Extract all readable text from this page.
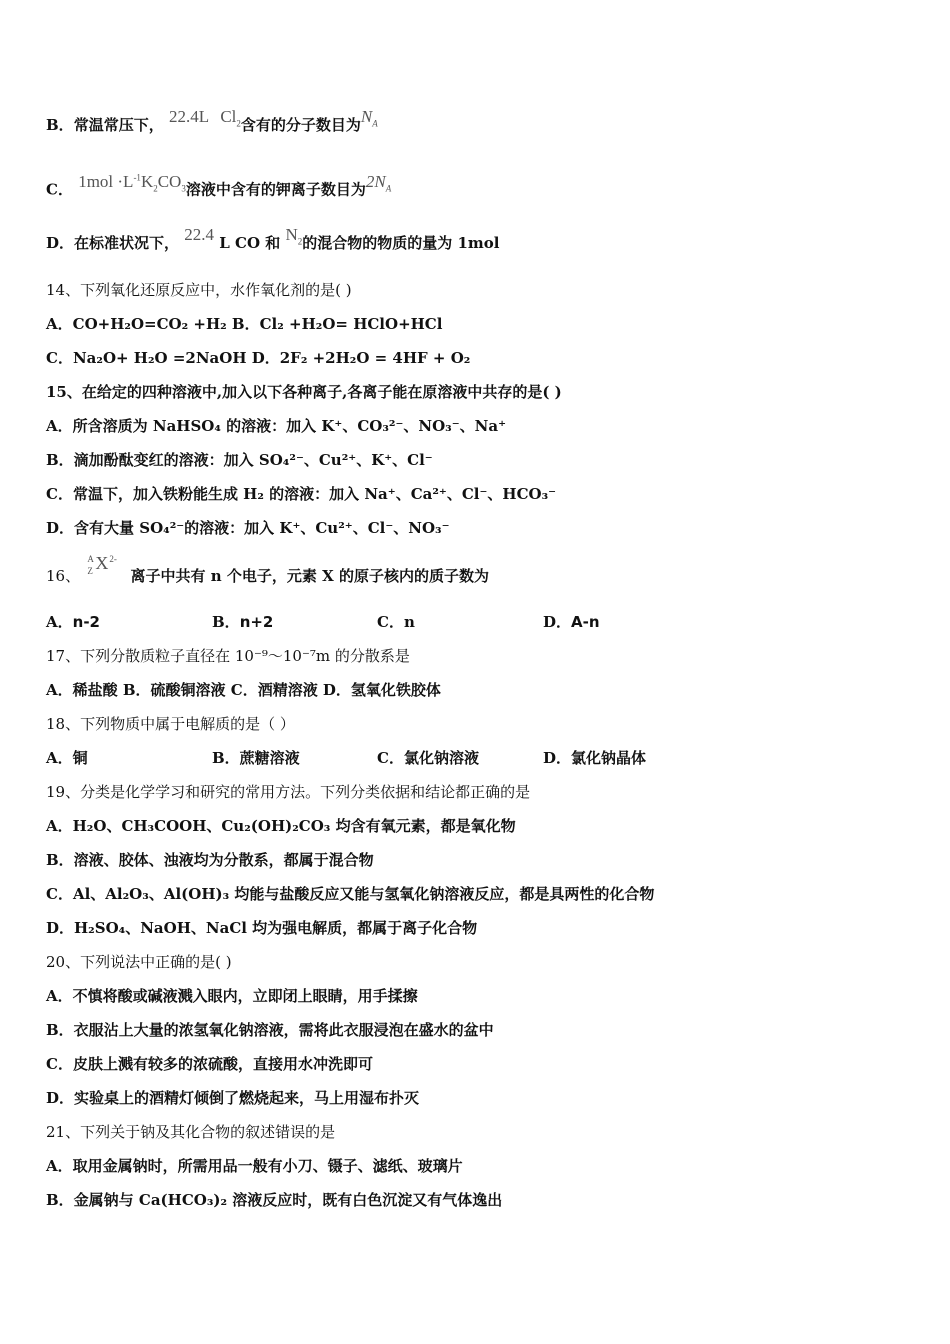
B．常温常压下， 22.4L $Cl_2$含有的分子数目为$N_A$
C． $1mol \cdot L^{-1}K_2CO_3$溶液中含有的钾离子数目为$2N_A$
D．在标准状况下， 22.4 L CO 和 $N_2$的混合物的物质的量为 1mol
14、下列氧化还原反应中，水作氧化剂的是( )
A．CO+H₂O=CO₂ +H₂ B．Cl₂ +H₂O= HClO+HCl
C．Na₂O+ H₂O =2NaOH D．2F₂ +2H₂O = 4HF + O₂
15、在给定的四种溶液中,加入以下各种离子,各离子能在原溶液中共存的是( )
A．所含溶质为 NaHSO₄ 的溶液：加入 K⁺、CO₃²⁻、NO₃⁻、Na⁺
B．滴加酚酞变红的溶液：加入 SO₄²⁻、Cu²⁺、K⁺、Cl⁻
C．常温下，加入铁粉能生成 H₂ 的溶液：加入 Na⁺、Ca²⁺、Cl⁻、HCO₃⁻
D．含有大量 SO₄²⁻的溶液：加入 K⁺、Cu²⁺、Cl⁻、NO₃⁻
16、
A
Z X 2-
离子中共有 n 个电子，元素 X 的原子核内的质子数为
A．n-2	B．n+2	C．n	D．A-n
17、下列分散质粒子直径在 10⁻⁹～10⁻⁷m 的分散系是
A．稀盐酸 B．硫酸铜溶液 C．酒精溶液 D．氢氧化铁胶体
18、下列物质中属于电解质的是（ ）
A．铜	B．蔗糖溶液	C．氯化钠溶液	D．氯化钠晶体
19、分类是化学学习和研究的常用方法。下列分类依据和结论都正确的是
A．H₂O、CH₃COOH、Cu₂(OH)₂CO₃ 均含有氧元素，都是氧化物
B．溶液、胶体、浊液均为分散系，都属于混合物
C．Al、Al₂O₃、Al(OH)₃ 均能与盐酸反应又能与氢氧化钠溶液反应，都是具两性的化合物
D．H₂SO₄、NaOH、NaCl 均为强电解质，都属于离子化合物
20、下列说法中正确的是( )
A．不慎将酸或碱液溅入眼内，立即闭上眼睛，用手揉擦
B．衣服沾上大量的浓氢氧化钠溶液，需将此衣服浸泡在盛水的盆中
C．皮肤上溅有较多的浓硫酸，直接用水冲洗即可
D．实验桌上的酒精灯倾倒了燃烧起来，马上用湿布扑灭
21、下列关于钠及其化合物的叙述错误的是
A．取用金属钠时，所需用品一般有小刀、镊子、滤纸、玻璃片
B．金属钠与 Ca(HCO₃)₂ 溶液反应时，既有白色沉淀又有气体逸出
